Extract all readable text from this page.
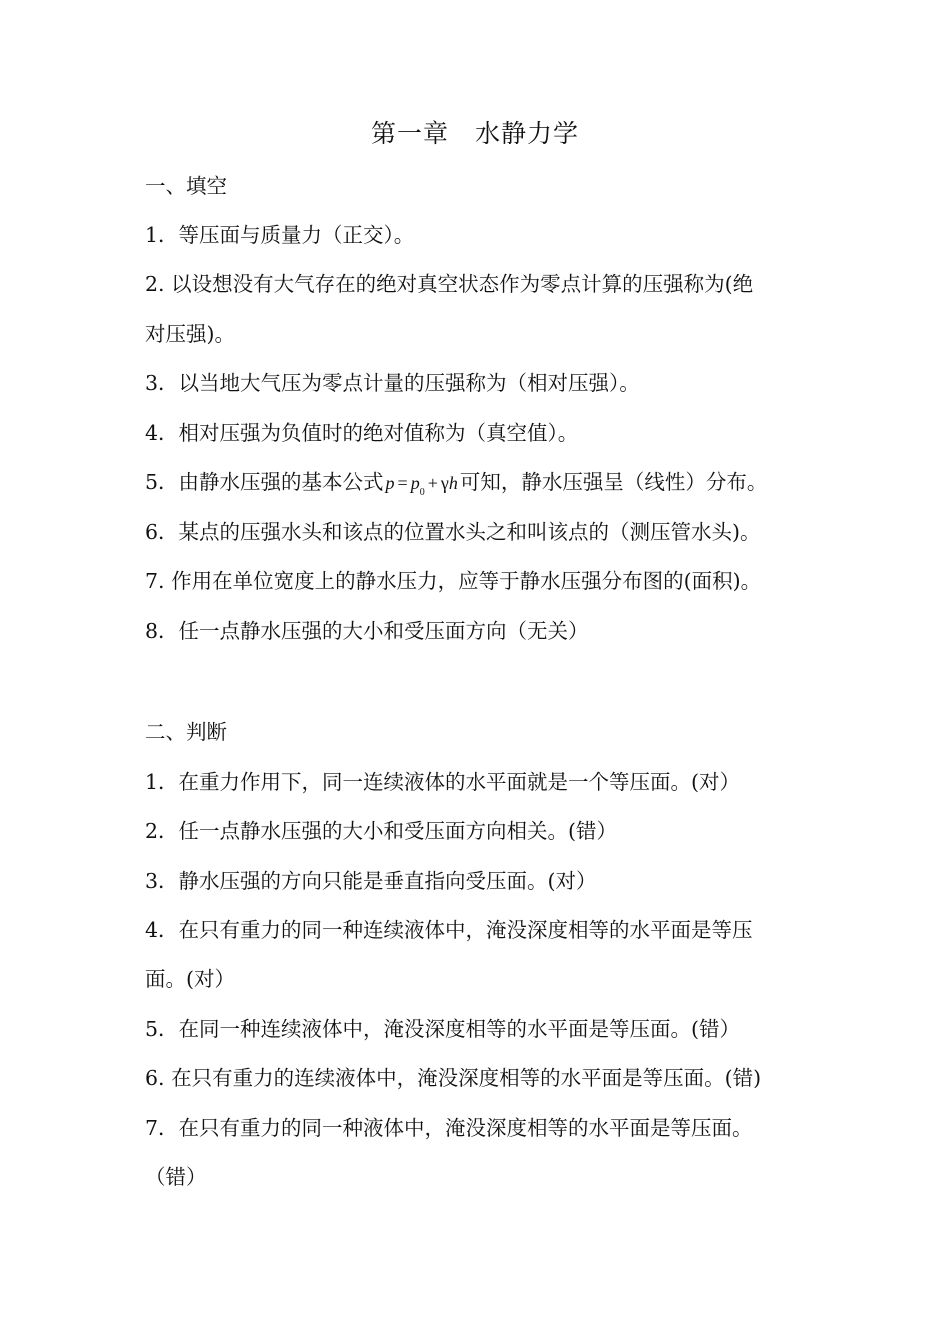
第一章　水静力学
一、填空
1．等压面与质量力（正交）。
2. 以设想没有大气存在的绝对真空状态作为零点计算的压强称为(绝
对压强)。
3．以当地大气压为零点计量的压强称为（相对压强）。
4．相对压强为负值时的绝对值称为（真空值）。
5．由静水压强的基本公式 $p = p_0 + \gamma h$可知，静水压强呈（线性）分布。
6．某点的压强水头和该点的位置水头之和叫该点的（测压管水头)。
7. 作用在单位宽度上的静水压力，应等于静水压强分布图的(面积)。
8．任一点静水压强的大小和受压面方向（无关）
二、判断
1．在重力作用下，同一连续液体的水平面就是一个等压面。(对）
2．任一点静水压强的大小和受压面方向相关。(错）
3．静水压强的方向只能是垂直指向受压面。(对）
4．在只有重力的同一种连续液体中，淹没深度相等的水平面是等压
面。(对）
5．在同一种连续液体中，淹没深度相等的水平面是等压面。(错）
6. 在只有重力的连续液体中，淹没深度相等的水平面是等压面。(错)
7．在只有重力的同一种液体中，淹没深度相等的水平面是等压面。
（错）
